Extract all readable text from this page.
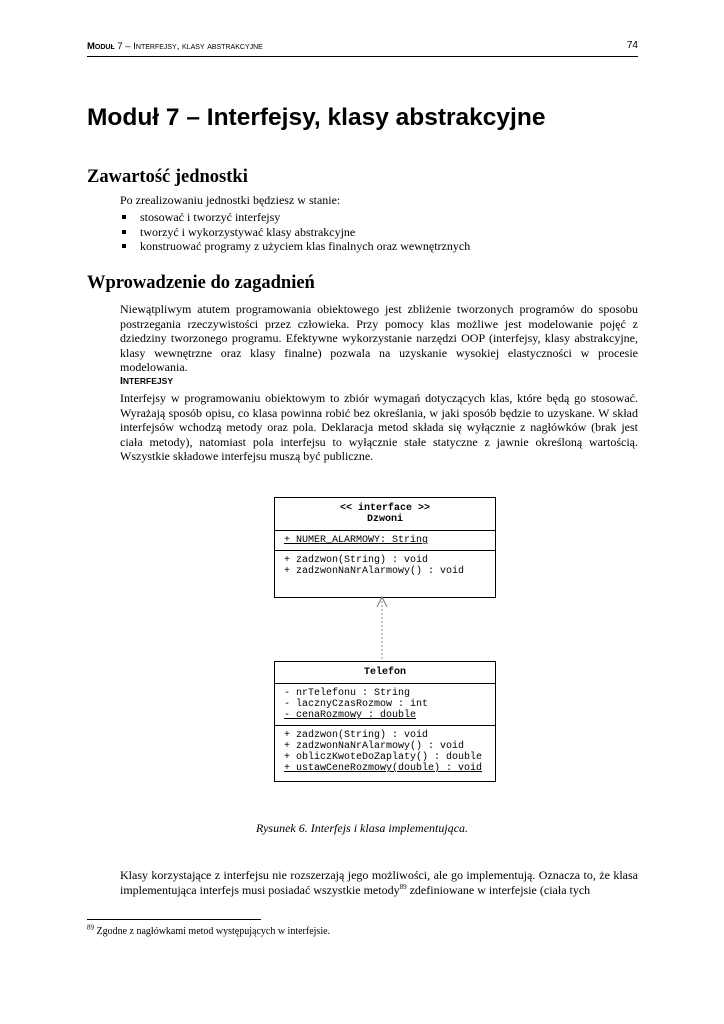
Moduł 7 – Interfejsy, klasy abstrakcyjne	74
Moduł 7 – Interfejsy, klasy abstrakcyjne
Zawartość jednostki

Po zrealizowaniu jednostki będziesz w stanie:

stosować i tworzyć interfejsy
tworzyć i wykorzystywać klasy abstrakcyjne
konstruować programy z użyciem klas finalnych oraz wewnętrznych
Wprowadzenie do zagadnień

Niewątpliwym atutem programowania obiektowego jest zbliżenie tworzonych programów do sposobu postrzegania rzeczywistości przez człowieka. Przy pomocy klas możliwe jest modelowanie pojęć z dziedziny tworzonego programu. Efektywne wykorzystanie narzędzi OOP (interfejsy, klasy abstrakcyjne, klasy wewnętrzne oraz klasy finalne) pozwala na uzyskanie wysokiej elastyczności w procesie modelowania.

INTERFEJSY

Interfejsy w programowaniu obiektowym to zbiór wymagań dotyczących klas, które będą go stosować. Wyrażają sposób opisu, co klasa powinna robić bez określania, w jaki sposób będzie to uzyskane. W skład interfejsów wchodzą metody oraz pola. Deklaracja metod składa się wyłącznie z nagłówków (brak jest ciała metody), natomiast pola interfejsu to wyłącznie stałe statyczne z jawnie określoną wartością. Wszystkie składowe interfejsu muszą być publiczne.

<< interface >>
Dzwoni
+ NUMER_ALARMOWY: String
+ zadzwon(String) : void
+ zadzwonNaNrAlarmowy() : void
Telefon
- nrTelefonu : String
- lacznyCzasRozmow : int
- cenaRozmowy : double
+ zadzwon(String) : void
+ zadzwonNaNrAlarmowy() : void
+ obliczKwoteDoZaplaty() : double
+ ustawCeneRozmowy(double) : void

Rysunek 6. Interfejs i klasa implementująca.

Klasy korzystające z interfejsu nie rozszerzają jego możliwości, ale go implementują. Oznacza to, że klasa implementująca interfejs musi posiadać wszystkie metody$^{89}$ zdefiniowane w interfejsie (ciała tych

$^{89}$ Zgodne z nagłówkami metod występujących w interfejsie.
